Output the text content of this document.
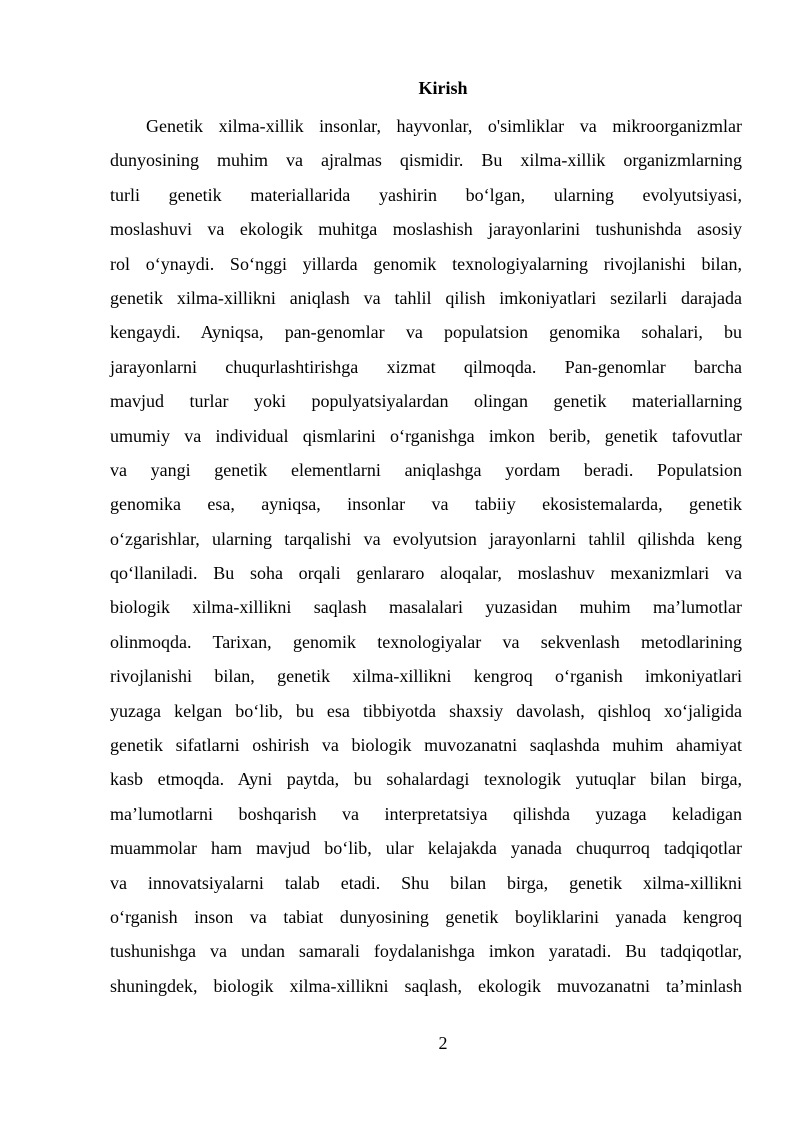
Kirish
Genetik xilma-xillik insonlar, hayvonlar, o'simliklar va mikroorganizmlar
dunyosining muhim va ajralmas qismidir. Bu xilma-xillik organizmlarning
turli genetik materiallarida yashirin bo‘lgan, ularning evolyutsiyasi,
moslashuvi va ekologik muhitga moslashish jarayonlarini tushunishda asosiy
rol o‘ynaydi. So‘nggi yillarda genomik texnologiyalarning rivojlanishi bilan,
genetik xilma-xillikni aniqlash va tahlil qilish imkoniyatlari sezilarli darajada
kengaydi. Ayniqsa, pan-genomlar va populatsion genomika sohalari, bu
jarayonlarni chuqurlashtirishga xizmat qilmoqda. Pan-genomlar barcha
mavjud turlar yoki populyatsiyalardan olingan genetik materiallarning
umumiy va individual qismlarini o‘rganishga imkon berib, genetik tafovutlar
va yangi genetik elementlarni aniqlashga yordam beradi. Populatsion
genomika esa, ayniqsa, insonlar va tabiiy ekosistemalarda, genetik
o‘zgarishlar, ularning tarqalishi va evolyutsion jarayonlarni tahlil qilishda keng
qo‘llaniladi. Bu soha orqali genlararo aloqalar, moslashuv mexanizmlari va
biologik xilma-xillikni saqlash masalalari yuzasidan muhim ma’lumotlar
olinmoqda. Tarixan, genomik texnologiyalar va sekvenlash metodlarining
rivojlanishi bilan, genetik xilma-xillikni kengroq o‘rganish imkoniyatlari
yuzaga kelgan bo‘lib, bu esa tibbiyotda shaxsiy davolash, qishloq xo‘jaligida
genetik sifatlarni oshirish va biologik muvozanatni saqlashda muhim ahamiyat
kasb etmoqda. Ayni paytda, bu sohalardagi texnologik yutuqlar bilan birga,
ma’lumotlarni boshqarish va interpretatsiya qilishda yuzaga keladigan
muammolar ham mavjud bo‘lib, ular kelajakda yanada chuqurroq tadqiqotlar
va innovatsiyalarni talab etadi. Shu bilan birga, genetik xilma-xillikni
o‘rganish inson va tabiat dunyosining genetik boyliklarini yanada kengroq
tushunishga va undan samarali foydalanishga imkon yaratadi. Bu tadqiqotlar,
shuningdek, biologik xilma-xillikni saqlash, ekologik muvozanatni ta’minlash
2
